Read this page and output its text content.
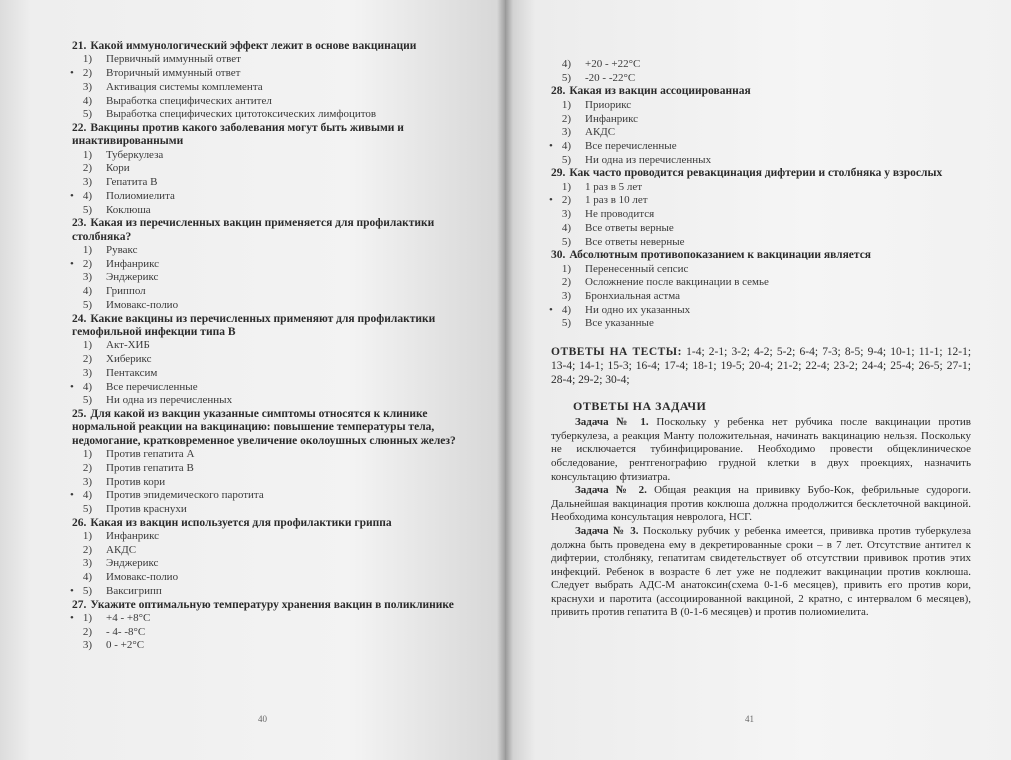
21. Какой иммунологический эффект лежит в основе вакцинации

1) Первичный иммунный ответ
• 2) Вторичный иммунный ответ
3) Активация системы комплемента
4) Выработка специфических антител
5) Выработка специфических цитотоксических лимфоцитов

22. Вакцины против какого заболевания могут быть живыми и инактивированными

1) Туберкулеза
2) Кори
3) Гепатита В
• 4) Полиомиелита
5) Коклюша

23. Какая из перечисленных вакцин применяется для профилактики столбняка?

1) Рувакс
• 2) Инфанрикс
3) Энджерикс
4) Гриппол
5) Имовакс-полио

24. Какие вакцины из перечисленных применяют для профилактики гемофильной инфекции типа В

1) Акт-ХИБ
2) Хиберикс
3) Пентаксим
• 4) Все перечисленные
5) Ни одна из перечисленных

25. Для какой из вакцин указанные симптомы относятся к клинике нормальной реакции на вакцинацию: повышение температуры тела, недомогание, кратковременное увеличение околоушных слюнных желез?

1) Против гепатита А
2) Против гепатита В
3) Против кори
• 4) Против эпидемического паротита
5) Против краснухи

26. Какая из вакцин используется для профилактики гриппа

1) Инфанрикс
2) АКДС
3) Энджерикс
4) Имовакс-полио
• 5) Ваксигрипп

27. Укажите оптимальную температуру хранения вакцин в поликлинике

• 1) +4 - +8°С
2) - 4- -8°С
3) 0 - +2°С
40
4) +20 - +22°С
5) -20 - -22°С

28. Какая из вакцин ассоциированная

1) Приорикс
2) Инфанрикс
3) АКДС
• 4) Все перечисленные
5) Ни одна из перечисленных

29. Как часто проводится ревакцинация дифтерии и столбняка у взрослых

1) 1 раз в 5 лет
• 2) 1 раз в 10 лет
3) Не проводится
4) Все ответы верные
5) Все ответы неверные

30. Абсолютным противопоказанием к вакцинации является

1) Перенесенный сепсис
2) Осложнение после вакцинации в семье
3) Бронхиальная астма
• 4) Ни одно их указанных
5) Все указанные

ОТВЕТЫ НА ТЕСТЫ: 1-4; 2-1; 3-2; 4-2; 5-2; 6-4; 7-3; 8-5; 9-4; 10-1; 11-1; 12-1; 13-4; 14-1; 15-3; 16-4; 17-4; 18-1; 19-5; 20-4; 21-2; 22-4; 23-2; 24-4; 25-4; 26-5; 27-1; 28-4; 29-2; 30-4;

ОТВЕТЫ НА ЗАДАЧИ

Задача № 1. Поскольку у ребенка нет рубчика после вакцинации против туберкулеза, а реакция Манту положительная, начинать вакцинацию нельзя. Поскольку не исключается тубинфицирование. Необходимо провести общеклиническое обследование, рентгенографию грудной клетки в двух проекциях, назначить консультацию фтизиатра.

Задача № 2. Общая реакция на прививку Бубо-Кок, фебрильные судороги. Дальнейшая вакцинация против коклюша должна продолжится бесклеточной вакциной. Необходима консультация невролога, НСГ.

Задача № 3. Поскольку рубчик у ребенка имеется, прививка против туберкулеза должна быть проведена ему в декретированные сроки – в 7 лет. Отсутствие антител к дифтерии, столбняку, гепатитам свидетельствует об отсутствии прививок против этих инфекций. Ребенок в возрасте 6 лет уже не подлежит вакцинации против коклюша. Следует выбрать АДС-М анатоксин(схема 0-1-6 месяцев), привить его против кори, краснухи и паротита (ассоциированной вакциной, 2 кратно, с интервалом 6 месяцев), привить против гепатита В (0-1-6 месяцев) и против полиомиелита.

41
